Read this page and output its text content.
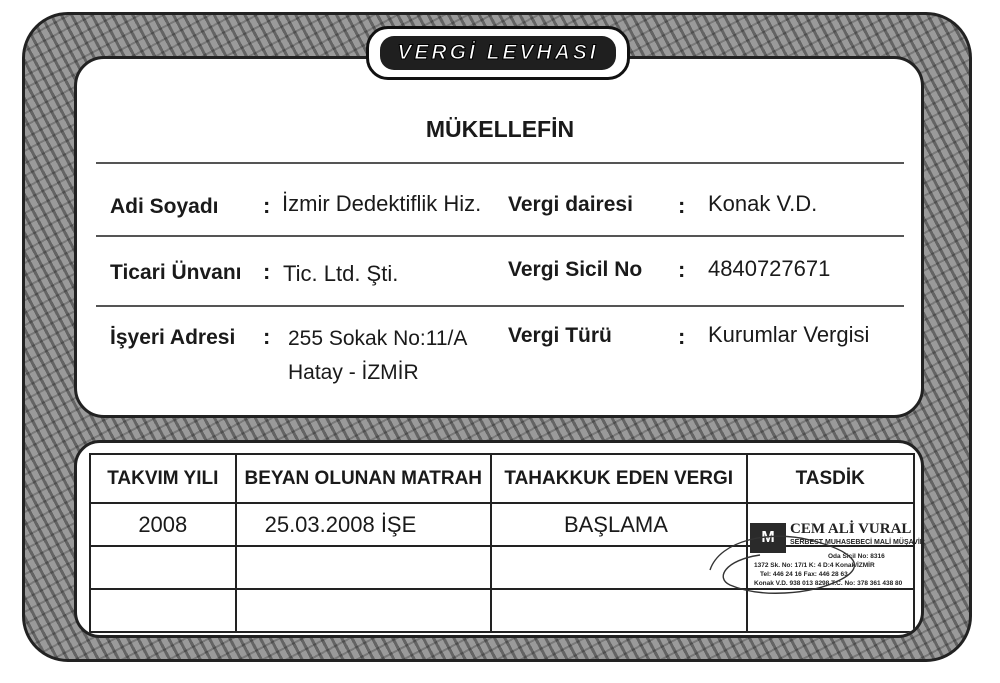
VERGİ LEVHASI
MÜKELLEFİN
Adi Soyadı : İzmir Dedektiflik Hiz. Vergi dairesi : Konak V.D.
Ticari Ünvanı : Tic. Ltd. Şti.	Vergi Sicil No : 4840727671
İşyeri Adresi : 255 Sokak No:11/A
Hatay - İZMİR
Vergi Türü	: Kurumlar Vergisi
TAKVIM YILI	BEYAN OLUNAN MATRAH	TAHAKKUK EDEN VERGI	TASDİK
2008	25.03.2008 İŞE	BAŞLAMA	

M	CEM ALİ VURAL
SERBEST MUHASEBECİ MALİ MÜŞAVİR
Oda Sicil No: 8316
1372 Sk. No: 17/1 K: 4 D:4 Konak/İZMİR
Tel: 446 24 16 Fax: 446 28 63
Konak V.D. 938 013 8298 T.C. No: 378 361 438 80
